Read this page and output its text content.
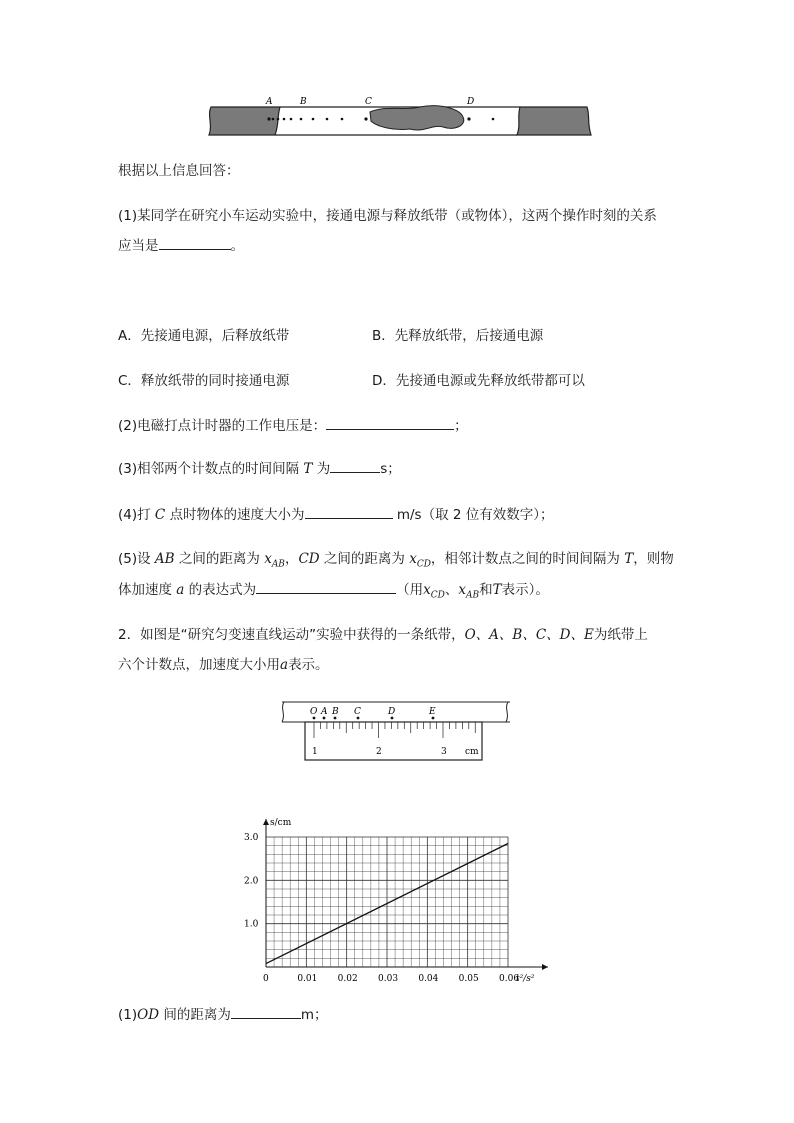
A	B	C	D
根据以上信息回答：
(1)某同学在研究小车运动实验中，接通电源与释放纸带（或物体），这两个操作时刻的关系
应当是	。
A．先接通电源，后释放纸带	B．先释放纸带，后接通电源
C．释放纸带的同时接通电源	D．先接通电源或先释放纸带都可以
(2)电磁打点计时器的工作电压是：	；
(3)相邻两个计数点的时间间隔 T 为	s；
(4)打 C 点时物体的速度大小为	m/s（取 2 位有效数字）；
(5)设 AB 之间的距离为 $x_{AB}$，CD 之间的距离为 $x_{CD}$，相邻计数点之间的时间间隔为 T，则物
体加速度 a 的表达式为	（用$x_{CD}$、$x_{AB}$和T表示）。
2．如图是“研究匀变速直线运动”实验中获得的一条纸带，O、A、B、C、D、E为纸带上
六个计数点，加速度大小用a表示。
O A B C	D	E
1	2	3 cm
0	0.01 0.02 0.03 0.04 0.05 0.06
1.0
2.0
3.0
s/cm
t²/s²
(1)OD 间的距离为	m；
